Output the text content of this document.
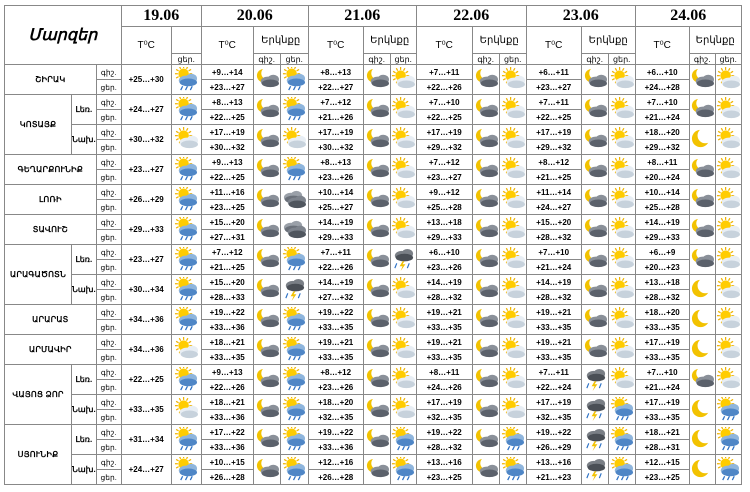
Մարզեր			19.06		20.06			21.06			22.06			23.06			24.06		
			T⁰C		T⁰C	Երկնքը		T⁰C	Երկնքը		T⁰C	Երկնքը		T⁰C	Երկնքը		T⁰C	Երկնքը	
				ցեր.		գիշ.	ցեր.		գիշ.	ցեր.		գիշ.	ցեր.		գիշ.	ցեր.		գիշ.	ցեր.
ՇԻՐԱԿ		գիշ.	+25…+30		+9…+14			+8…+13			+7…+11			+6…+11			+6…+10	

		ցեր.			+23…+27			+22…+27			+22…+26			+23…+27			+24…+28		
ԿՈՏԱՅՔ	Լեռ.	գիշ.	+24…+27		+8…+13			+7…+12			+7…+10			+7…+11			+7…+10	

		ցեր.			+22…+25			+21…+26			+22…+25			+22…+25			+21…+24		
	Նախ.	գիշ.	+30…+32		+17…+19			+17…+19			+17…+19			+17…+19			+18…+20	

		ցեր.			+30…+32			+30…+32			+29…+32			+29…+32			+29…+32		
ԳԵՂԱՐՔՈՒՆԻՔ		գիշ.	+23…+27		+9…+13			+8…+13			+7…+12			+8…+12			+8…+11	

		ցեր.			+22…+25			+23…+26			+23…+27			+21…+25			+20…+24		
ԼՈՌԻ		գիշ.	+26…+29		+11…+16			+10…+14			+9…+12			+11…+14			+10…+14	

		ցեր.			+23…+25			+25…+27			+25…+28			+24…+27			+25…+28		
ՏԱՎՈՒՇ		գիշ.	+29…+33		+15…+20			+14…+19			+13…+18			+15…+20			+14…+19	

		ցեր.			+27…+31			+29…+33			+29…+33			+28…+32			+29…+33		
ԱՐԱԳԱԾՈՏՆ	Լեռ.	գիշ.	+23…+27		+7…+12			+7…+11			+6…+10			+7…+10			+6…+9	

		ցեր.			+21…+25			+22…+26			+23…+26			+21…+24			+20…+23		
	Նախ.	գիշ.	+30…+34		+15…+20			+14…+19			+14…+19			+14…+19			+13…+18	

		ցեր.			+28…+33			+27…+32			+28…+32			+28…+32			+28…+32		
ԱՐԱՐԱՏ		գիշ.	+34…+36		+19…+22			+19…+22			+19…+21			+19…+21			+18…+20	

		ցեր.			+33…+36			+33…+35			+33…+35			+33…+35			+33…+35		
ԱՐՄԱՎԻՐ		գիշ.	+34…+36		+18…+21			+19…+21			+19…+21			+19…+21			+17…+19	

		ցեր.			+33…+35			+33…+35			+33…+35			+33…+35			+33…+35		
ՎԱՅՈՑ ՁՈՐ	Լեռ.	գիշ.	+22…+25		+9…+13			+8…+12			+8…+11			+7…+11			+7…+10	

		ցեր.			+22…+26			+23…+26			+24…+26			+22…+24			+21…+24		
	Նախ.	գիշ.	+33…+35		+18…+21			+18…+20			+17…+19			+17…+19			+17…+19	

		ցեր.			+33…+36			+32…+35			+32…+35			+32…+35			+33…+35		
ՍՅՈՒՆԻՔ	Լեռ.	գիշ.	+31…+34		+17…+22			+19…+22			+19…+22			+19…+22			+18…+21	

		ցեր.			+33…+36			+33…+36			+28…+32			+26…+29			+28…+31		
	Նախ.	գիշ.	+24…+27		+10…+15			+12…+16			+13…+16			+13…+16			+12…+15	

		ցեր.			+26…+28			+26…+28			+23…+25			+21…+23			+23…+25		
